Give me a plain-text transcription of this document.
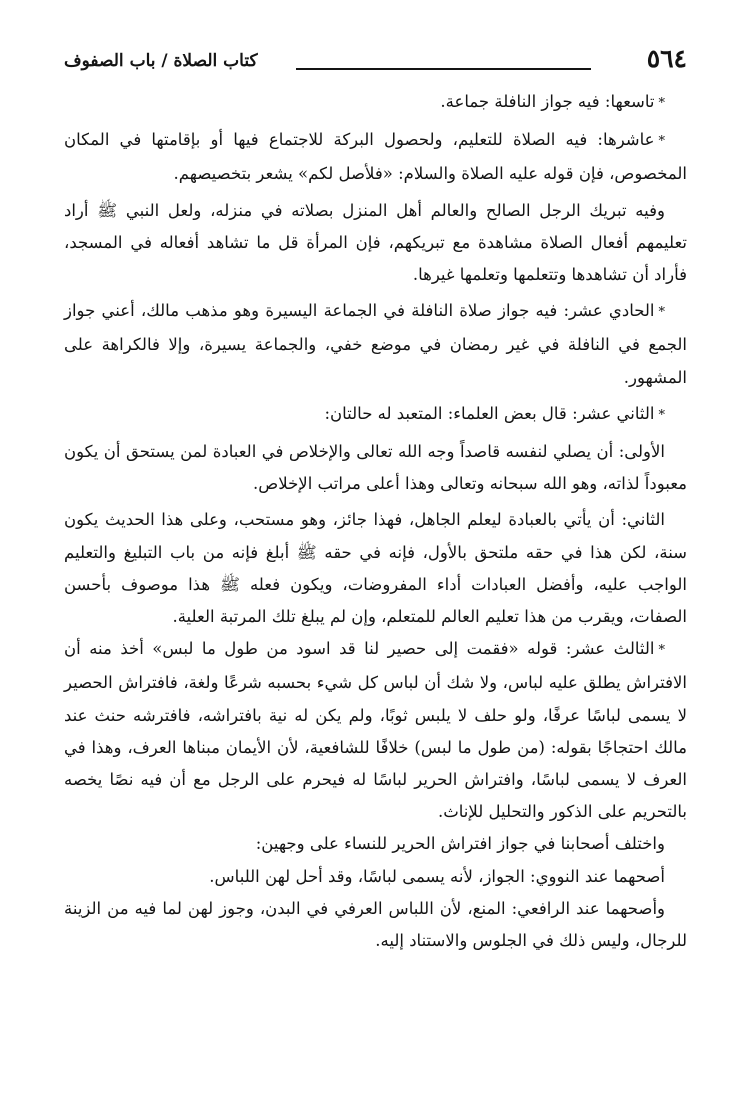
٥٦٤
كتاب الصلاة / باب الصفوف

*تاسعها: فيه جواز النافلة جماعة.

*عاشرها: فيه الصلاة للتعليم، ولحصول البركة للاجتماع فيها أو بإقامتها في المكان المخصوص، فإن قوله عليه الصلاة والسلام: «فلأصل لكم» يشعر بتخصيصهم.

وفيه تبريك الرجل الصالح والعالم أهل المنزل بصلاته في منزله، ولعل النبي ﷺ أراد تعليمهم أفعال الصلاة مشاهدة مع تبريكهم، فإن المرأة قل ما تشاهد أفعاله في المسجد، فأراد أن تشاهدها وتتعلمها وتعلمها غيرها.

*الحادي عشر: فيه جواز صلاة النافلة في الجماعة اليسيرة وهو مذهب مالك، أعني جواز الجمع في النافلة في غير رمضان في موضع خفي، والجماعة يسيرة، وإلا فالكراهة على المشهور.

*الثاني عشر: قال بعض العلماء: المتعبد له حالتان:

الأولى: أن يصلي لنفسه قاصداً وجه الله تعالى والإخلاص في العبادة لمن يستحق أن يكون معبوداً لذاته، وهو الله سبحانه وتعالى وهذا أعلى مراتب الإخلاص.

الثاني: أن يأتي بالعبادة ليعلم الجاهل، فهذا جائز، وهو مستحب، وعلى هذا الحديث يكون سنة، لكن هذا في حقه ملتحق بالأول، فإنه في حقه ﷺ أبلغ فإنه من باب التبليغ والتعليم الواجب عليه، وأفضل العبادات أداء المفروضات، ويكون فعله ﷺ هذا موصوف بأحسن الصفات، ويقرب من هذا تعليم العالم للمتعلم، وإن لم يبلغ تلك المرتبة العلية.

*الثالث عشر: قوله «فقمت إلى حصير لنا قد اسود من طول ما لبس» أخذ منه أن الافتراش يطلق عليه لباس، ولا شك أن لباس كل شيء بحسبه شرعًا ولغة، فافتراش الحصير لا يسمى لباسًا عرفًا، ولو حلف لا يلبس ثوبًا، ولم يكن له نية بافتراشه، فافترشه حنث عند مالك احتجاجًا بقوله: (من طول ما لبس) خلافًا للشافعية، لأن الأيمان مبناها العرف، وهذا في العرف لا يسمى لباسًا، وافتراش الحرير لباسًا له فيحرم على الرجل مع أن فيه نصًا يخصه بالتحريم على الذكور والتحليل للإناث.

واختلف أصحابنا في جواز افتراش الحرير للنساء على وجهين:

أصحهما عند النووي: الجواز، لأنه يسمى لباسًا، وقد أحل لهن اللباس.

وأصحهما عند الرافعي: المنع، لأن اللباس العرفي في البدن، وجوز لهن لما فيه من الزينة للرجال، وليس ذلك في الجلوس والاستناد إليه.
